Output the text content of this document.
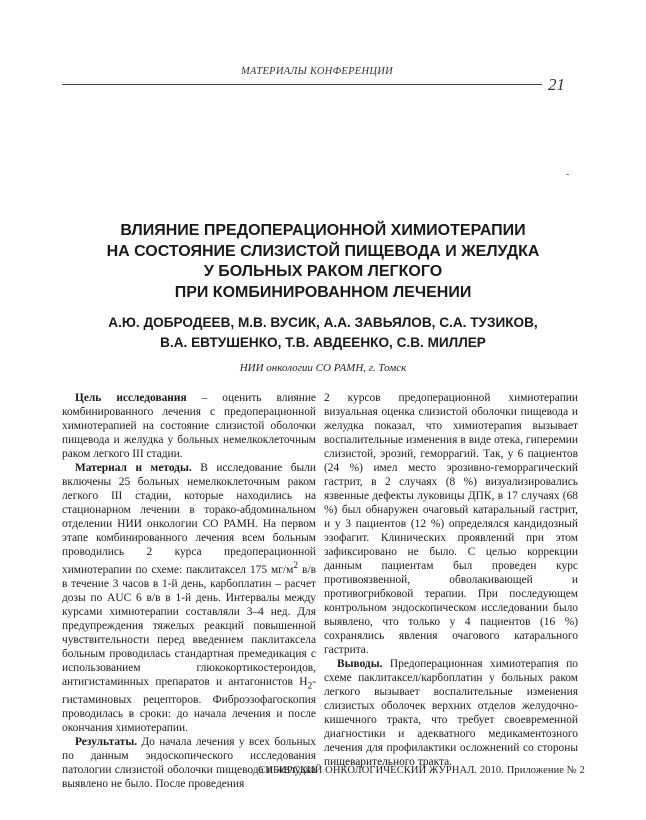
МАТЕРИАЛЫ КОНФЕРЕНЦИИ
21
-
ВЛИЯНИЕ ПРЕДОПЕРАЦИОННОЙ ХИМИОТЕРАПИИ
НА СОСТОЯНИЕ СЛИЗИСТОЙ ПИЩЕВОДА И ЖЕЛУДКА
У БОЛЬНЫХ РАКОМ ЛЕГКОГО
ПРИ КОМБИНИРОВАННОМ ЛЕЧЕНИИ
А.Ю. ДОБРОДЕЕВ, М.В. ВУСИК, А.А. ЗАВЬЯЛОВ, С.А. ТУЗИКОВ,
В.А. ЕВТУШЕНКО, Т.В. АВДЕЕНКО, С.В. МИЛЛЕР
НИИ онкологии СО РАМН, г. Томск

Цель исследования – оценить влияние комбинированного лечения с предоперационной химиотерапией на состояние слизистой оболочки пищевода и желудка у больных немелкоклеточным раком легкого III стадии.

Материал и методы. В исследование были включены 25 больных немелкоклеточным раком легкого III стадии, которые находились на стационарном лечении в торако-абдоминальном отделении НИИ онкологии СО РАМН. На первом этапе комбинированного лечения всем больным проводились 2 курса предоперационной химиотерапии по схеме: паклитаксел 175 $мг/м^2$ в/в в течение 3 часов в 1-й день, карбоплатин – расчет дозы по AUC 6 в/в в 1-й день. Интервалы между курсами химиотерапии составляли 3–4 нед. Для предупреждения тяжелых реакций повышенной чувствительности перед введением паклитаксела больным проводилась стандартная премедикация с использованием глюкокортикостероидов, антигистаминных препаратов и антагонистов $H_2$-гистаминовых рецепторов. Фиброэзофагоскопия проводилась в сроки: до начала лечения и после окончания химиотерапии.

Результаты. До начала лечения у всех больных по данным эндоскопического исследования патологии слизистой оболочки пищевода и желудка выявлено не было. После проведения

2 курсов предоперационной химиотерапии визуальная оценка слизистой оболочки пищевода и желудка показал, что химиотерапия вызывает воспалительные изменения в виде отека, гиперемии слизистой, эрозий, геморрагий. Так, у 6 пациентов (24 %) имел место эрозивно-геморрагический гастрит, в 2 случаях (8 %) визуализировались язвенные дефекты луковицы ДПК, в 17 случаях (68 %) был обнаружен очаговый катаральный гастрит, и у 3 пациентов (12 %) определялся кандидозный эзофагит. Клинических проявлений при этом зафиксировано не было. С целью коррекции данным пациентам был проведен курс противоязвенной, обволакивающей и противогрибковой терапии. При последующем контрольном эндоскопическом исследовании было выявлено, что только у 4 пациентов (16 %) сохранялись явления очагового катарального гастрита.

Выводы. Предоперационная химиотерапия по схеме паклитаксел/карбоплатин у больных раком легкого вызывает воспалительные изменения слизистых оболочек верхних отделов желудочно-кишечного тракта, что требует своевременной диагностики и адекватного медикаментозного лечения для профилактики осложнений со стороны пищеварительного тракта.

СИБИРСКИЙ ОНКОЛОГИЧЕСКИЙ ЖУРНАЛ. 2010. Приложение № 2
